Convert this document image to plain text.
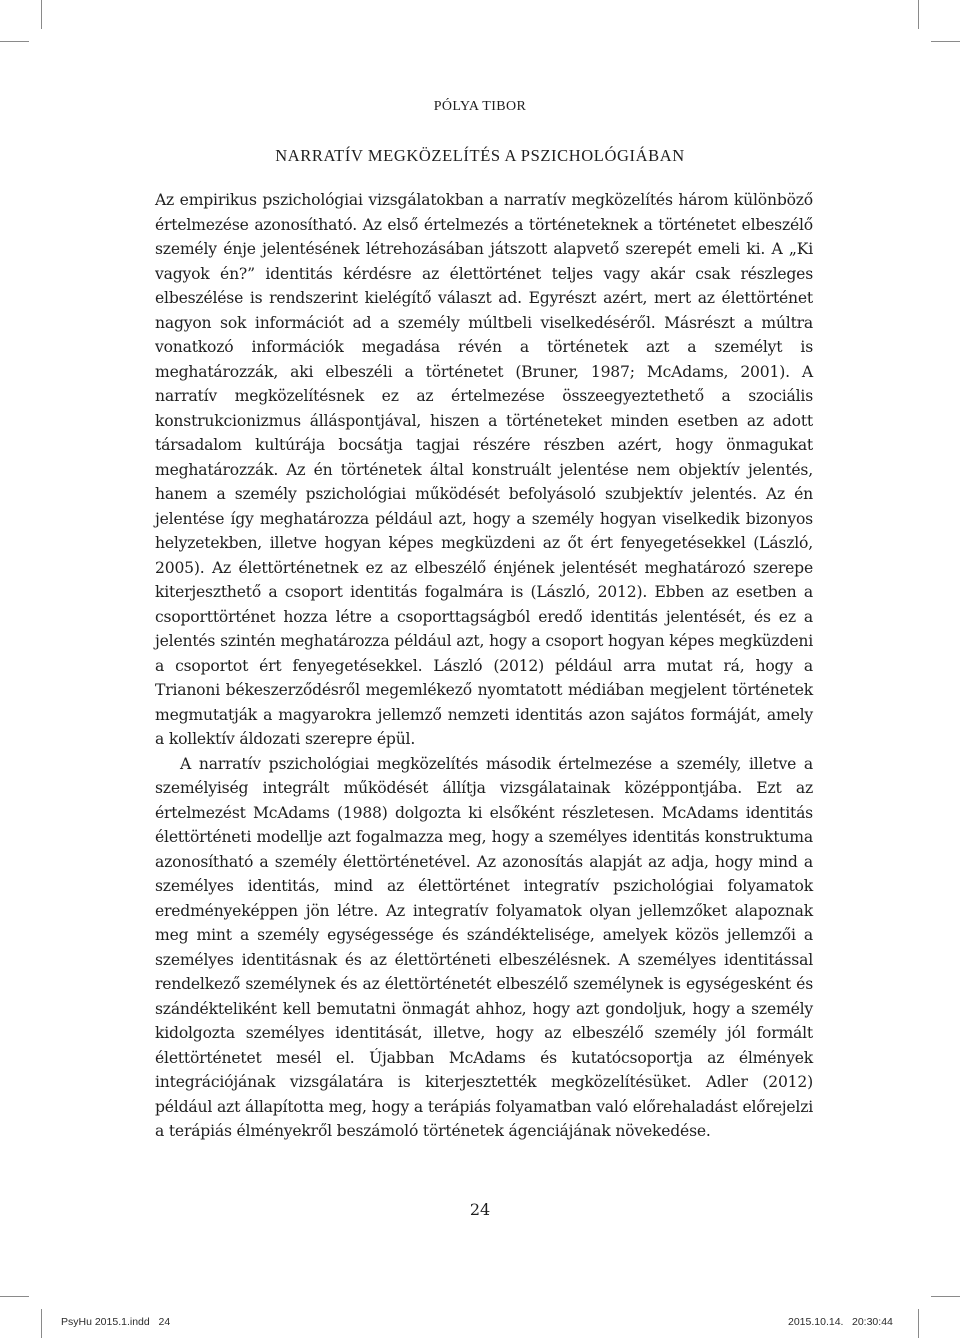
PÓLYA TIBOR
NARRATÍV MEGKÖZELÍTÉS A PSZICHOLÓGIÁBAN

Az empirikus pszichológiai vizsgálatokban a narratív megközelítés három különböző értelmezése azonosítható. Az első értelmezés a történeteknek a történetet elbeszélő személy énje jelentésének létrehozásában játszott alapvető szerepét emeli ki. A „Ki vagyok én?” identitás kérdésre az élettörténet teljes vagy akár csak részleges elbeszélése is rendszerint kielégítő választ ad. Egyrészt azért, mert az élettörténet nagyon sok információt ad a személy múltbeli viselkedéséről. Másrészt a múltra vonatkozó információk megadása révén a történetek azt a személyt is meghatározzák, aki elbeszéli a történetet (Bruner, 1987; McAdams, 2001). A narratív megközelítésnek ez az értelmezése összeegyeztethető a szociális konstrukcionizmus álláspontjával, hiszen a történeteket minden esetben az adott társadalom kultúrája bocsátja tagjai részére részben azért, hogy önmagukat meghatározzák. Az én történetek által konstruált jelentése nem objektív jelentés, hanem a személy pszichológiai működését befolyásoló szubjektív jelentés. Az én jelentése így meghatározza például azt, hogy a személy hogyan viselkedik bizonyos helyzetekben, illetve hogyan képes megküzdeni az őt ért fenyegetésekkel (László, 2005). Az élettörténetnek ez az elbeszélő énjének jelentését meghatározó szerepe kiterjeszthető a csoport identitás fogalmára is (László, 2012). Ebben az esetben a csoporttörténet hozza létre a csoporttagságból eredő identitás jelentését, és ez a jelentés szintén meghatározza például azt, hogy a csoport hogyan képes megküzdeni a csoportot ért fenyegetésekkel. László (2012) például arra mutat rá, hogy a Trianoni békeszerződésről megemlékező nyomtatott médiában megjelent történetek megmutatják a magyarokra jellemző nemzeti identitás azon sajátos formáját, amely a kollektív áldozati szerepre épül.

A narratív pszichológiai megközelítés második értelmezése a személy, illetve a személyiség integrált működését állítja vizsgálatainak középpontjába. Ezt az értelmezést McAdams (1988) dolgozta ki elsőként részletesen. McAdams identitás élettörténeti modellje azt fogalmazza meg, hogy a személyes identitás konstruktuma azonosítható a személy élettörténetével. Az azonosítás alapját az adja, hogy mind a személyes identitás, mind az élettörténet integratív pszichológiai folyamatok eredményeképpen jön létre. Az integratív folyamatok olyan jellemzőket alapoznak meg mint a személy egységessége és szándéktelisége, amelyek közös jellemzői a személyes identitásnak és az élettörténeti elbeszélésnek. A személyes identitással rendelkező személynek és az élettörténetét elbeszélő személynek is egységesként és szándékteliként kell bemutatni önmagát ahhoz, hogy azt gondoljuk, hogy a személy kidolgozta személyes identitását, illetve, hogy az elbeszélő személy jól formált élettörténetet mesél el. Újabban McAdams és kutatócsoportja az élmények integrációjának vizsgálatára is kiterjesztették megközelítésüket. Adler (2012) például azt állapította meg, hogy a terápiás folyamatban való előrehaladást előrejelzi a terápiás élményekről beszámoló történetek ágenciájának növekedése.

24
PsyHu 2015.1.indd   24	2015.10.14. 20:30:44
